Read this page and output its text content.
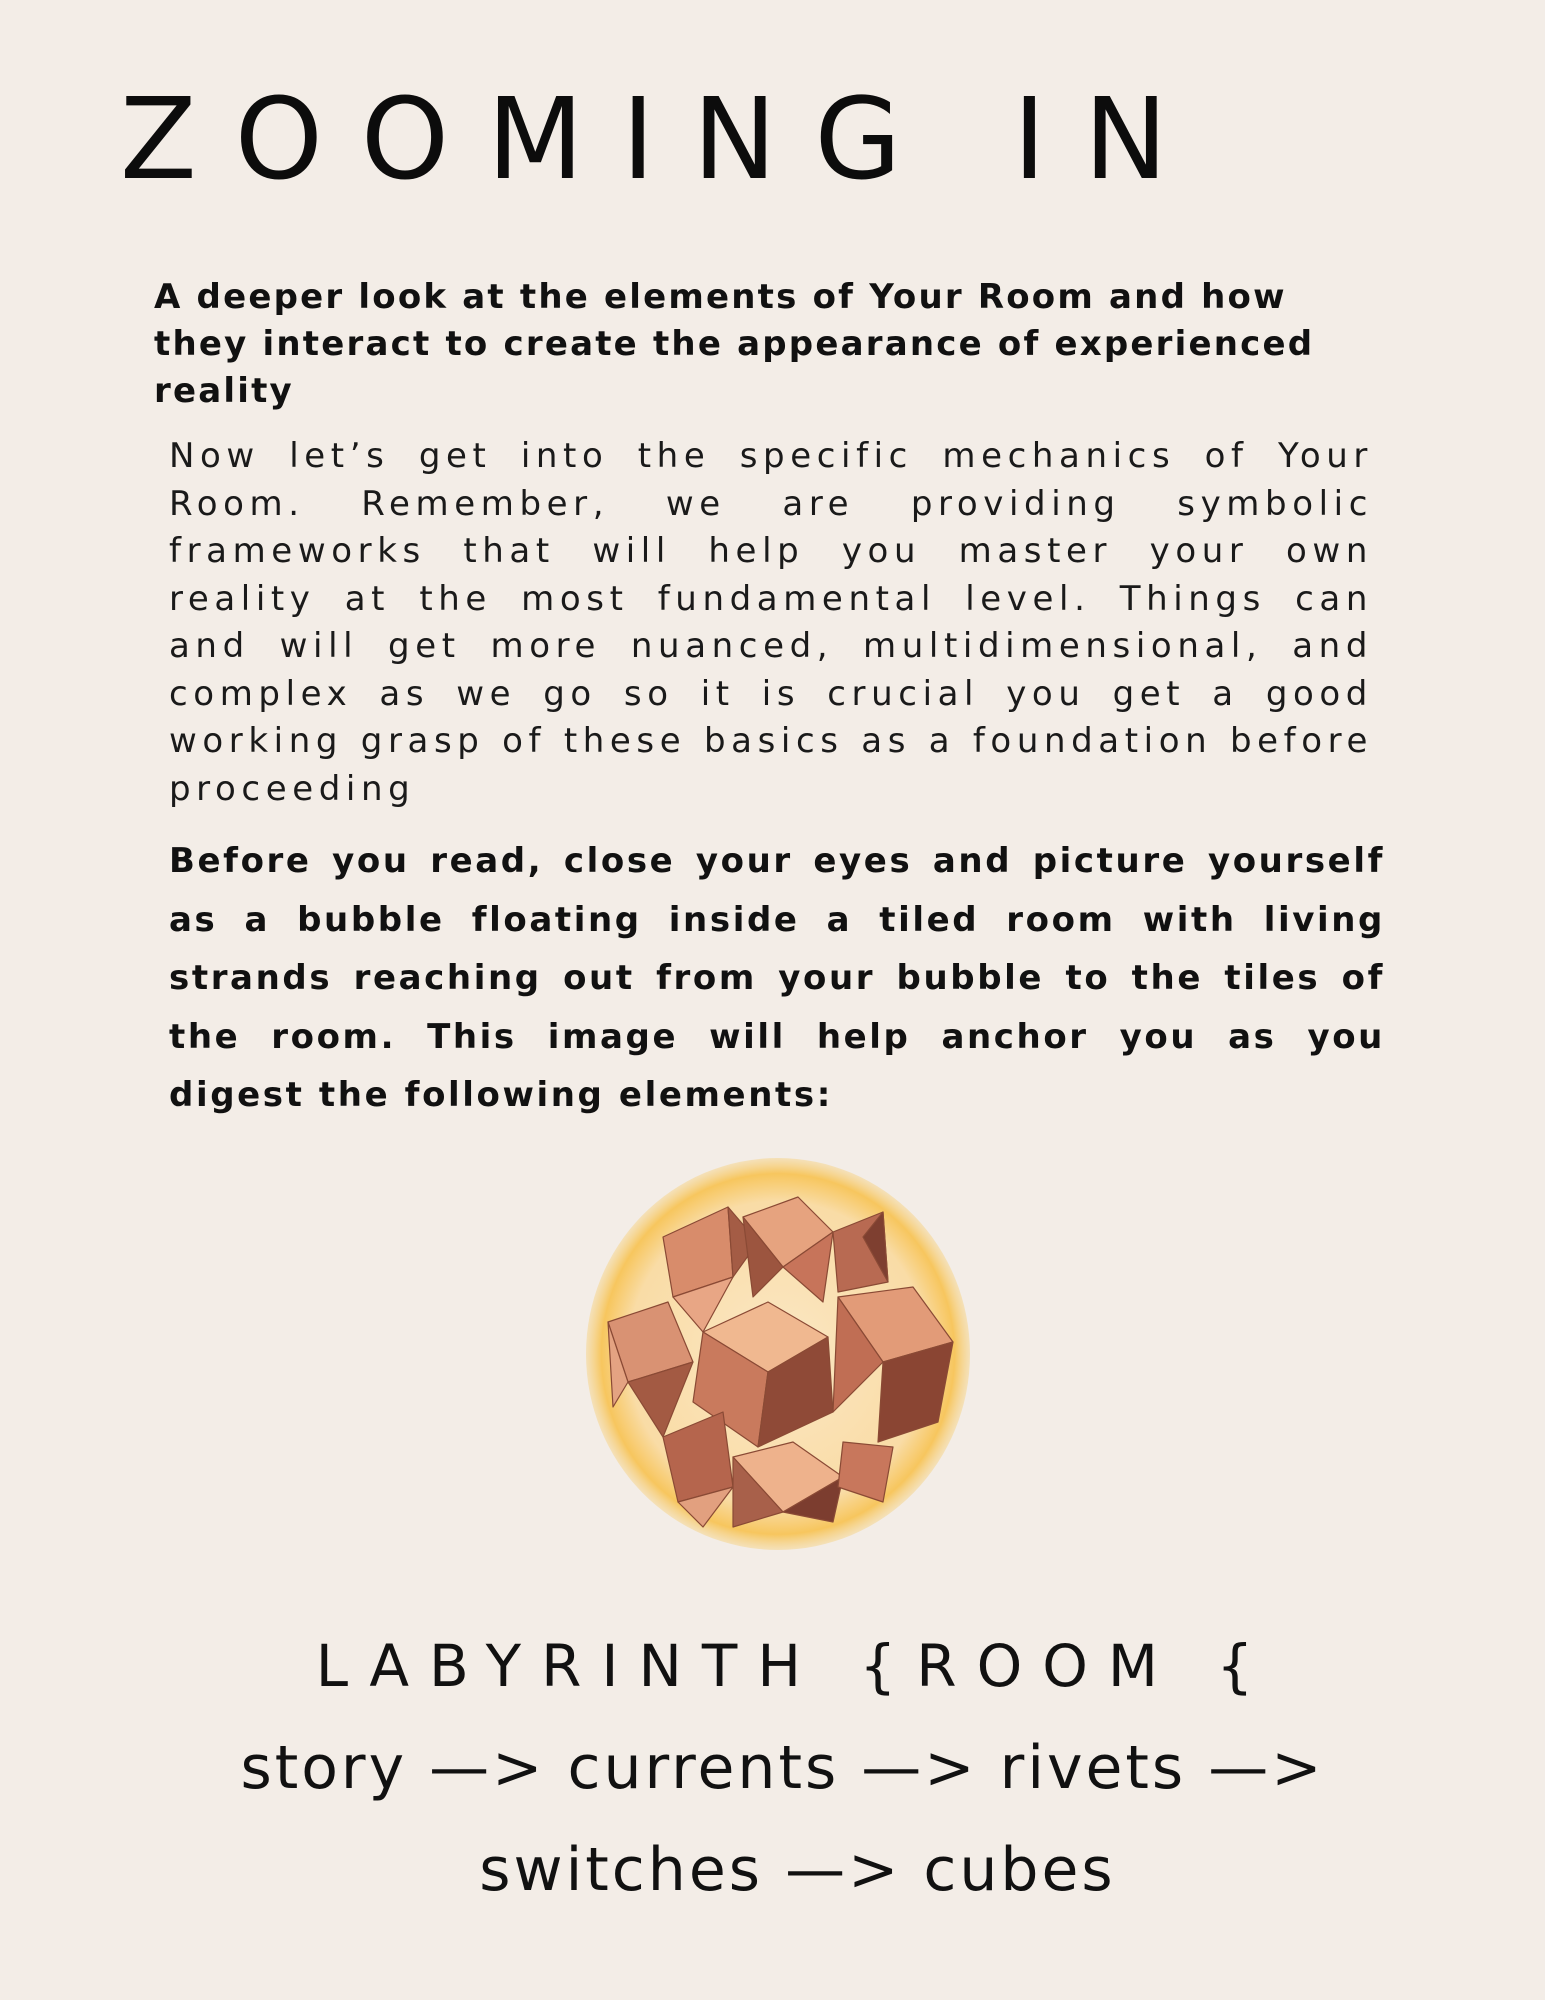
ZOOMING IN

A deeper look at the elements of Your Room and how they interact to create the appearance of experienced reality

Now let’s get into the specific mechanics of Your Room. Remember, we are providing symbolic frameworks that will help you master your own reality at the most fundamental level. Things can and will get more nuanced, multidimensional, and complex as we go so it is crucial you get a good working grasp of these basics as a foundation before proceeding

Before you read, close your eyes and picture yourself as a bubble floating inside a tiled room with living strands reaching out from your bubble to the tiles of the room. This image will help anchor you as you digest the following elements:

LABYRINTH {ROOM {

story —> currents —> rivets —>

switches —> cubes
